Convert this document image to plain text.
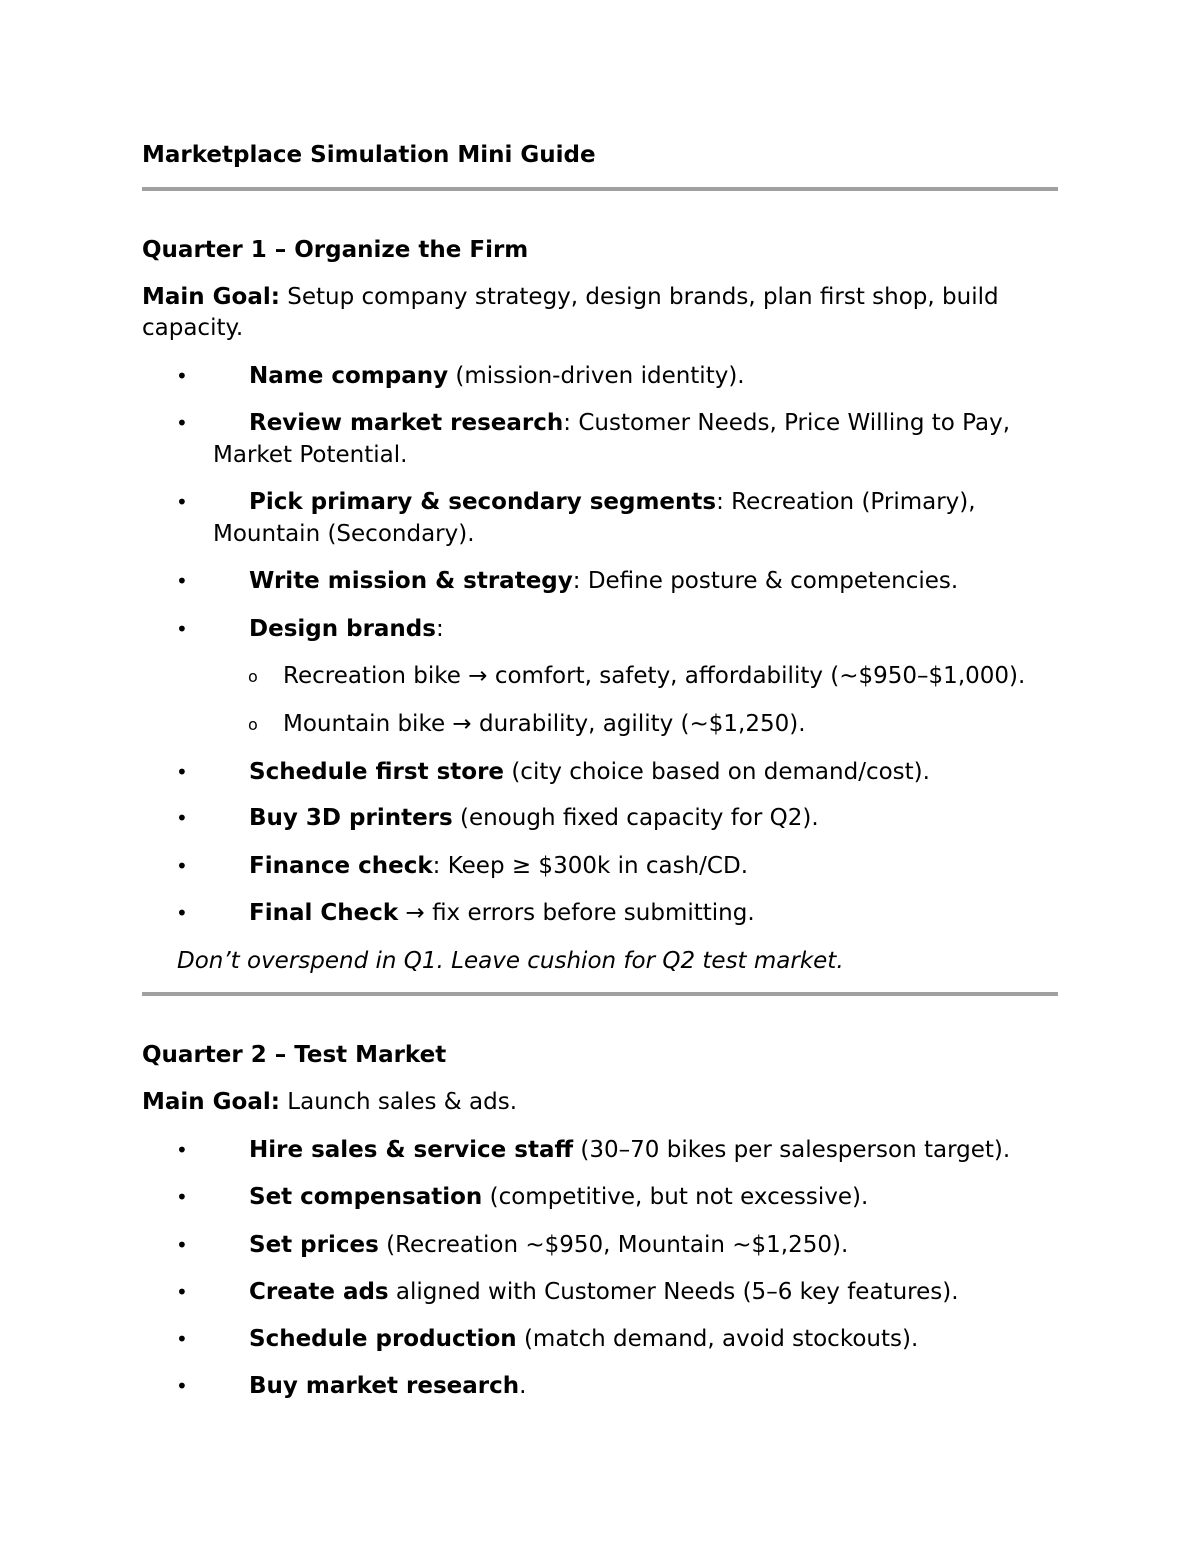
Marketplace Simulation Mini Guide
Quarter 1 – Organize the Firm
Main Goal: Setup company strategy, design brands, plan first shop, build
capacity.
•	Name company (mission-driven identity).
•	Review market research: Customer Needs, Price Willing to Pay,
Market Potential.
•	Pick primary & secondary segments: Recreation (Primary),
Mountain (Secondary).
•	Write mission & strategy: Define posture & competencies.
•	Design brands:
o Recreation bike → comfort, safety, affordability (~$950–$1,000).
o Mountain bike → durability, agility (~$1,250).
•	Schedule first store (city choice based on demand/cost).
•	Buy 3D printers (enough fixed capacity for Q2).
•	Finance check: Keep ≥ $300k in cash/CD.
•	Final Check → fix errors before submitting.
Don’t overspend in Q1. Leave cushion for Q2 test market.
Quarter 2 – Test Market
Main Goal: Launch sales & ads.
•	Hire sales & service staff (30–70 bikes per salesperson target).
•	Set compensation (competitive, but not excessive).
•	Set prices (Recreation ~$950, Mountain ~$1,250).
•	Create ads aligned with Customer Needs (5–6 key features).
•	Schedule production (match demand, avoid stockouts).
•	Buy market research.
